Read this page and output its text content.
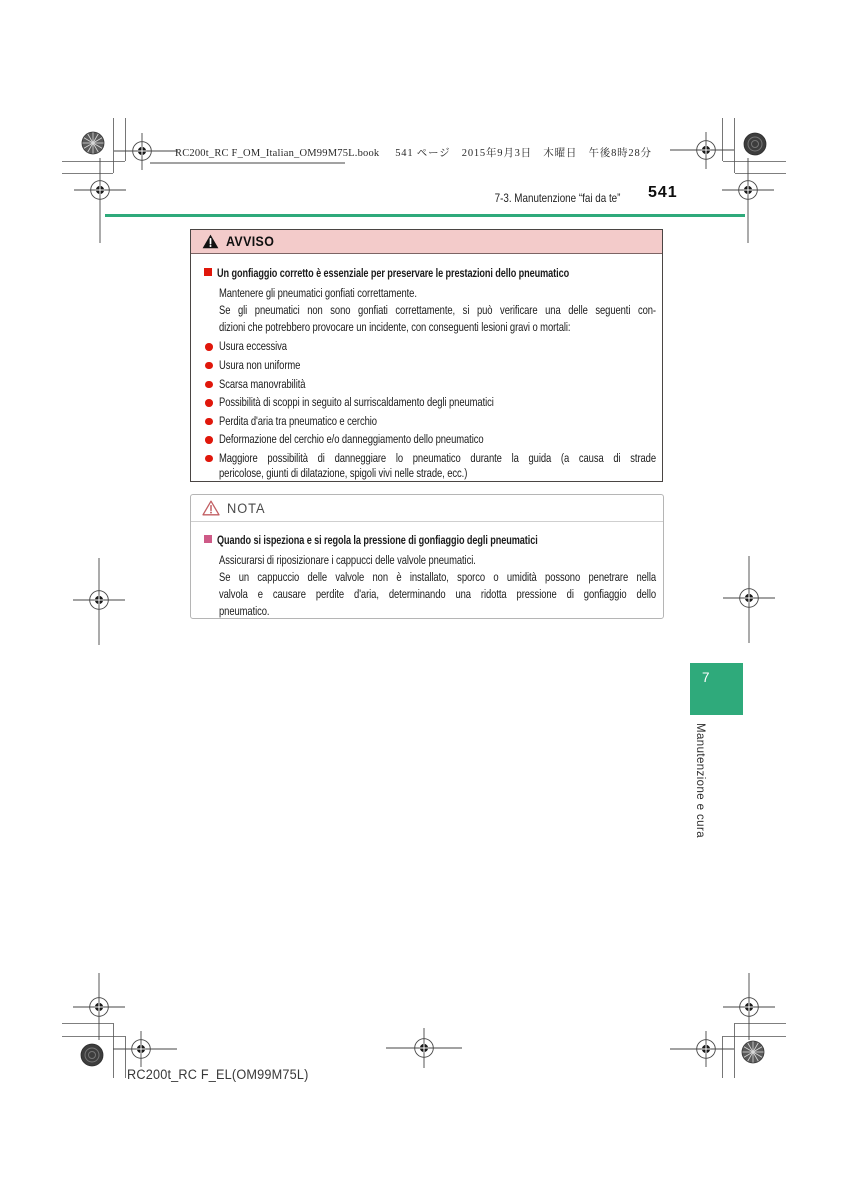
RC200t_RC F_OM_Italian_OM99M75L.book 541 ページ　2015年9月3日　木曜日　午後8時28分
7-3. Manutenzione “fai da te” 541
AVVISO
Un gonfiaggio corretto è essenziale per preservare le prestazioni dello pneumatico
Mantenere gli pneumatici gonfiati correttamente.
Se gli pneumatici non sono gonfiati correttamente, si può verificare una delle seguenti con-
dizioni che potrebbero provocare un incidente, con conseguenti lesioni gravi o mortali:
Usura eccessiva
Usura non uniforme
Scarsa manovrabilità
Possibilità di scoppi in seguito al surriscaldamento degli pneumatici
Perdita d'aria tra pneumatico e cerchio
Deformazione del cerchio e/o danneggiamento dello pneumatico
Maggiore possibilità di danneggiare lo pneumatico durante la guida (a causa di strade
pericolose, giunti di dilatazione, spigoli vivi nelle strade, ecc.)
NOTA
Quando si ispeziona e si regola la pressione di gonfiaggio degli pneumatici
Assicurarsi di riposizionare i cappucci delle valvole pneumatici.
Se un cappuccio delle valvole non è installato, sporco o umidità possono penetrare nella
valvola e causare perdite d'aria, determinando una ridotta pressione di gonfiaggio dello
pneumatico.
7
Manutenzione e cura
RC200t_RC F_EL(OM99M75L)
